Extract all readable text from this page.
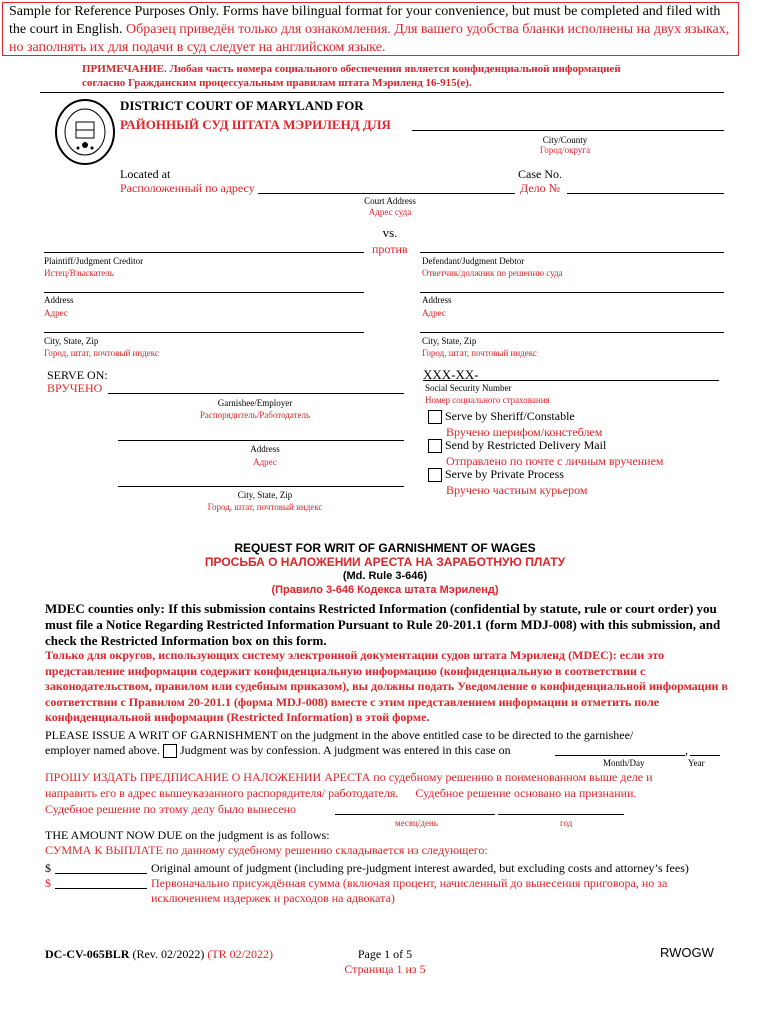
Sample for Reference Purposes Only. Forms have bilingual format for your convenience, but must be completed and filed with the court in English. Образец приведён только для ознакомления. Для вашего удобства бланки исполнены на двух языках, но заполнять их для подачи в суд следует на английском языке.
ПРИМЕЧАНИЕ. Любая часть номера социального обеспечения является конфиденциальной информацией
согласно Гражданским процессуальным правилам штата Мэриленд 16-915(e).
DISTRICT COURT OF MARYLAND FOR
РАЙОННЫЙ СУД ШТАТА МЭРИЛЕНД ДЛЯ
City/County
Город/округа
Located at
Расположенный по адресу
Case No.
Дело №
Court Address
Адрес суда
vs.
против
Plaintiff/Judgment Creditor
Истец/Взыскатель
Address
Адрес
City, State, Zip
Город, штат, почтовый индекс
Defendant/Judgment Debtor
Ответчик/должник по решению суда
Address
Адрес
City, State, Zip
Город, штат, почтовый индекс
XXX-XX-
Social Security Number
Номер социального страхования
SERVE ON:
ВРУЧЕНО
Garnishee/Employer
Распорядитель/Работодатель
Address
Адрес
City, State, Zip
Город, штат, почтовый индекс
Serve by Sheriff/Constable
Вручено шерифом/констеблем
Send by Restricted Delivery Mail
Отправлено по почте с личным вручением
Serve by Private Process
Вручено частным курьером
REQUEST FOR WRIT OF GARNISHMENT OF WAGES
ПРОСЬБА О НАЛОЖЕНИИ АРЕСТА НА ЗАРАБОТНУЮ ПЛАТУ
(Md. Rule 3-646)
(Правило 3-646 Кодекса штата Мэриленд)
MDEC counties only: If this submission contains Restricted Information (confidential by statute, rule or court order) you must file a Notice Regarding Restricted Information Pursuant to Rule 20-201.1 (form MDJ-008) with this submission, and check the Restricted Information box on this form.
Только для округов, использующих систему электронной документации судов штата Мэриленд (MDEC): если это представление информации содержит конфиденциальную информацию (конфиденциальную в соответствии с законодательством, правилом или судебным приказом), вы должны подать Уведомление о конфиденциальной информации в соответствии с Правилом 20-201.1 (форма MDJ-008) вместе с этим представлением информации и отметить поле конфиденциальной информации (Restricted Information) в этой форме.
PLEASE ISSUE A WRIT OF GARNISHMENT on the judgment in the above entitled case to be directed to the garnishee/
employer named above. Judgment was by confession. A judgment was entered in this case on	,
Month/Day	Year
ПРОШУ ИЗДАТЬ ПРЕДПИСАНИЕ О НАЛОЖЕНИИ АРЕСТА по судебному решению в поименованном выше деле и
направить его в адрес вышеуказанного распорядителя/ работодателя. Судебное решение основано на признании.
Судебное решение по этому делу было вынесено
месяц/день	год
THE AMOUNT NOW DUE on the judgment is as follows:
СУММА К ВЫПЛАТЕ по данному судебному решению складывается из следующего:
$	Original amount of judgment (including pre-judgment interest awarded, but excluding costs and attorney’s fees)
$	Первоначально присуждённая сумма (включая процент, начисленный до вынесения приговора, но за
исключением издержек и расходов на адвоката)
DC-CV-065BLR (Rev. 02/2022) (TR 02/2022)	Page 1 of 5
Страница 1 из 5
RWOGW
